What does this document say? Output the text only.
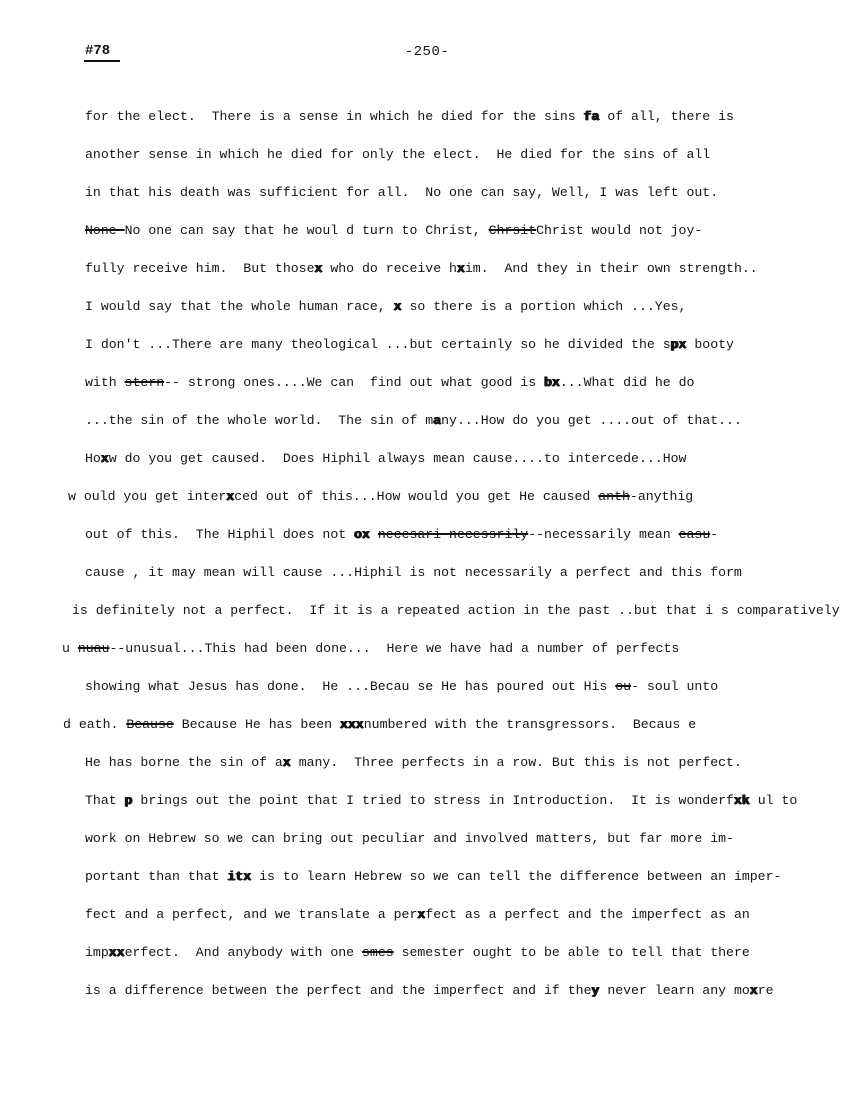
#78	-250-
for the elect.  There is a sense in which he died for the sins fa of all, there is
another sense in which he died for only the elect.  He died for the sins of all
in that his death was sufficient for all.  No one can say, Well, I was left out.
None-No one can say that he woul d turn to Christ, ChrsitChrist would not joy-
fully receive him.  But thosex who do receive hxim.  And they in their own strength..
I would say that the whole human race, x so there is a portion which ...Yes,
I don't ...There are many theological ...but certainly so he divided the spx booty
with stern-- strong ones....We can  find out what good is bx...What did he do
...the sin of the whole world.  The sin of many...How do you get ....out of that...
Hoxw do you get caused.  Does Hiphil always mean cause....to intercede...How
w ould you get interxced out of this...How would you get He caused anth-anythig
out of this.  The Hiphil does not ox necesari necessrily--necessarily mean easu-
cause , it may mean will cause ...Hiphil is not necessarily a perfect and this form
is definitely not a perfect.  If it is a repeated action in the past ..but that i s comparatively
u nuau--unusual...This had been done...  Here we have had a number of perfects
showing what Jesus has done.  He ...Becau se He has poured out His ou- soul unto
d eath. Beause Because He has been xxxnumbered with the transgressors.  Becaus e
He has borne the sin of ax many.  Three perfects in a row. But this is not perfect.
That p brings out the point that I tried to stress in Introduction.  It is wonderfxk ul to
work on Hebrew so we can bring out peculiar and involved matters, but far more im-
portant than that itx is to learn Hebrew so we can tell the difference between an imper-
fect and a perfect, and we translate a perxfect as a perfect and the imperfect as an
impxxerfect.  And anybody with one smes semester ought to be able to tell that there
is a difference between the perfect and the imperfect and if they never learn any moxre
